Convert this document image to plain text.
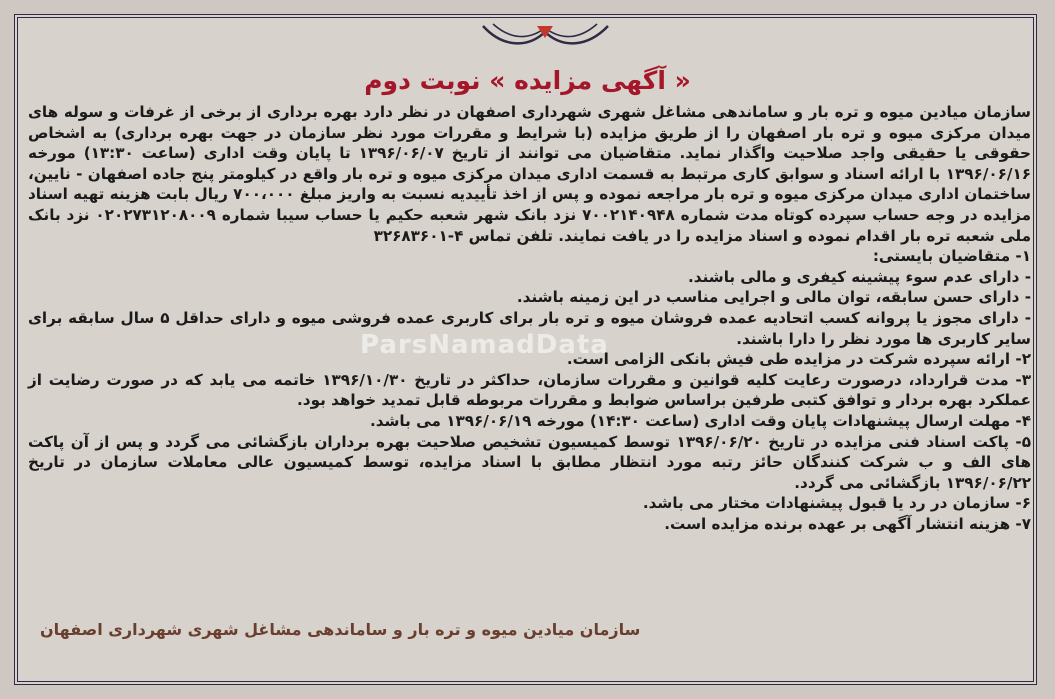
ParsNamadData
« آگهی مزایده » نوبت دوم

سازمان میادین میوه و تره بار و ساماندهی مشاغل شهری شهرداری اصفهان در نظر دارد بهره برداری از برخی از غرفات و سوله های میدان مرکزی میوه و تره بار اصفهان را از طریق مزایده (با شرایط و مقررات مورد نظر سازمان در جهت بهره برداری) به اشخاص حقوقی یا حقیقی واجد صلاحیت واگذار نماید. متقاضیان می توانند از تاریخ ۱۳۹۶/۰۶/۰۷ تا پایان وقت اداری (ساعت ۱۳:۳۰) مورخه ۱۳۹۶/۰۶/۱۶ با ارائه اسناد و سوابق کاری مرتبط به قسمت اداری میدان مرکزی میوه و تره بار واقع در کیلومتر پنج جاده اصفهان - نایین، ساختمان اداری میدان مرکزی میوه و تره بار مراجعه نموده و پس از اخذ تأییدیه نسبت به واریز مبلغ ۷۰۰،۰۰۰ ریال بابت هزینه تهیه اسناد مزایده در وجه حساب سپرده کوتاه مدت شماره ۷۰۰۲۱۴۰۹۴۸ نزد بانک شهر شعبه حکیم یا حساب سیبا شماره ۰۲۰۲۷۳۱۲۰۸۰۰۹ نزد بانک ملی شعبه تره بار اقدام نموده و اسناد مزایده را در یافت نمایند. تلفن تماس ۴-۳۲۶۸۳۶۰۱

۱- متقاضیان بایستی:

- دارای عدم سوء پیشینه کیفری و مالی باشند.

- دارای حسن سابقه، توان مالی و اجرایی مناسب در این زمینه باشند.

- دارای مجوز یا پروانه کسب اتحادیه عمده فروشان میوه و تره بار برای کاربری عمده فروشی میوه و دارای حداقل ۵ سال سابقه برای سایر کاربری ها مورد نظر را دارا باشند.

۲- ارائه سپرده شرکت در مزایده طی فیش بانکی الزامی است.

۳- مدت قرارداد، درصورت رعایت کلیه قوانین و مقررات سازمان، حداکثر در تاریخ ۱۳۹۶/۱۰/۳۰ خاتمه می یابد که در صورت رضایت از عملکرد بهره بردار و توافق کتبی طرفین براساس ضوابط و مقررات مربوطه قابل تمدید خواهد بود.

۴- مهلت ارسال پیشنهادات پایان وقت اداری (ساعت ۱۴:۳۰) مورخه ۱۳۹۶/۰۶/۱۹ می باشد.

۵- پاکت اسناد فنی مزایده در تاریخ ۱۳۹۶/۰۶/۲۰ توسط کمیسیون تشخیص صلاحیت بهره برداران بازگشائی می گردد و پس از آن پاکت های الف و ب شرکت کنندگان حائز رتبه مورد انتظار مطابق با اسناد مزایده، توسط کمیسیون عالی معاملات سازمان در تاریخ ۱۳۹۶/۰۶/۲۲ بازگشائی می گردد.

۶- سازمان در رد یا قبول پیشنهادات مختار می باشد.

۷- هزینه انتشار آگهی بر عهده برنده مزایده است.

سازمان میادین میوه و تره بار و ساماندهی مشاغل شهری شهرداری اصفهان
